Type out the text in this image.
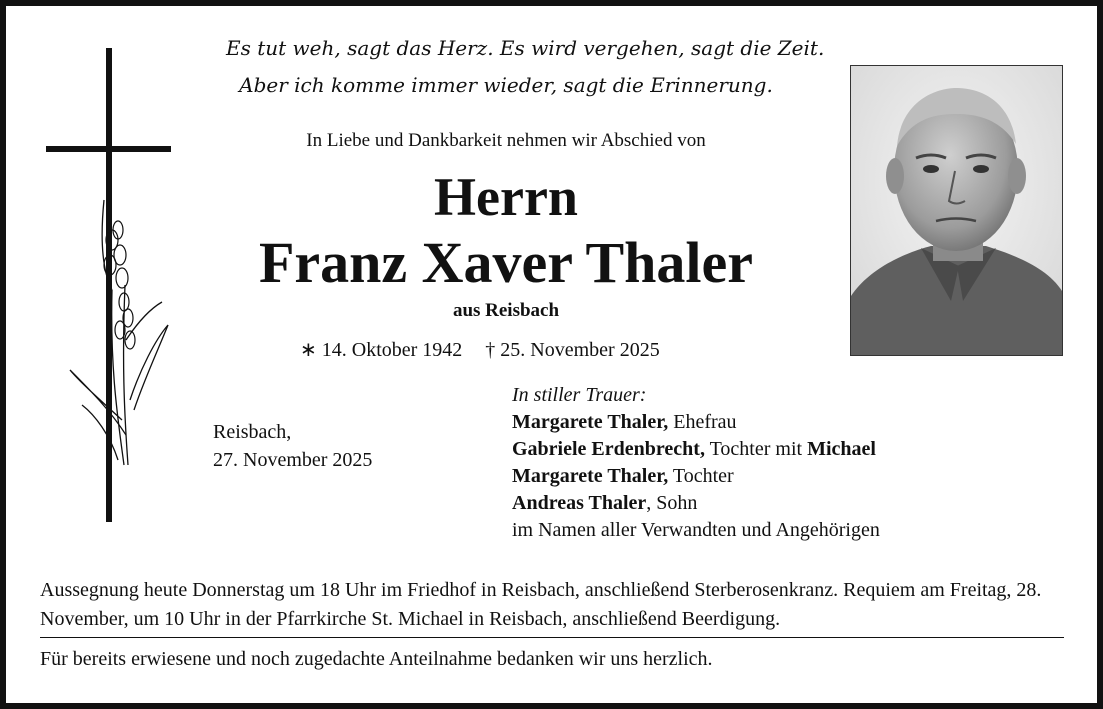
Es tut weh, sagt das Herz. Es wird vergehen, sagt die Zeit.
Aber ich komme immer wieder, sagt die Erinnerung.
In Liebe und Dankbarkeit nehmen wir Abschied von
Herrn
Franz Xaver Thaler
aus Reisbach
∗ 14. Oktober 1942 † 25. November 2025
Reisbach,
27. November 2025
In stiller Trauer:
Margarete Thaler, Ehefrau
Gabriele Erdenbrecht, Tochter mit Michael
Margarete Thaler, Tochter
Andreas Thaler, Sohn
im Namen aller Verwandten und Angehörigen
Aussegnung heute Donnerstag um 18 Uhr im Friedhof in Reisbach, anschließend Sterberosenkranz. Requiem am Freitag, 28. November, um 10 Uhr in der Pfarrkirche St. Michael in Reisbach, anschließend Beerdigung.
Für bereits erwiesene und noch zugedachte Anteilnahme bedanken wir uns herzlich.
